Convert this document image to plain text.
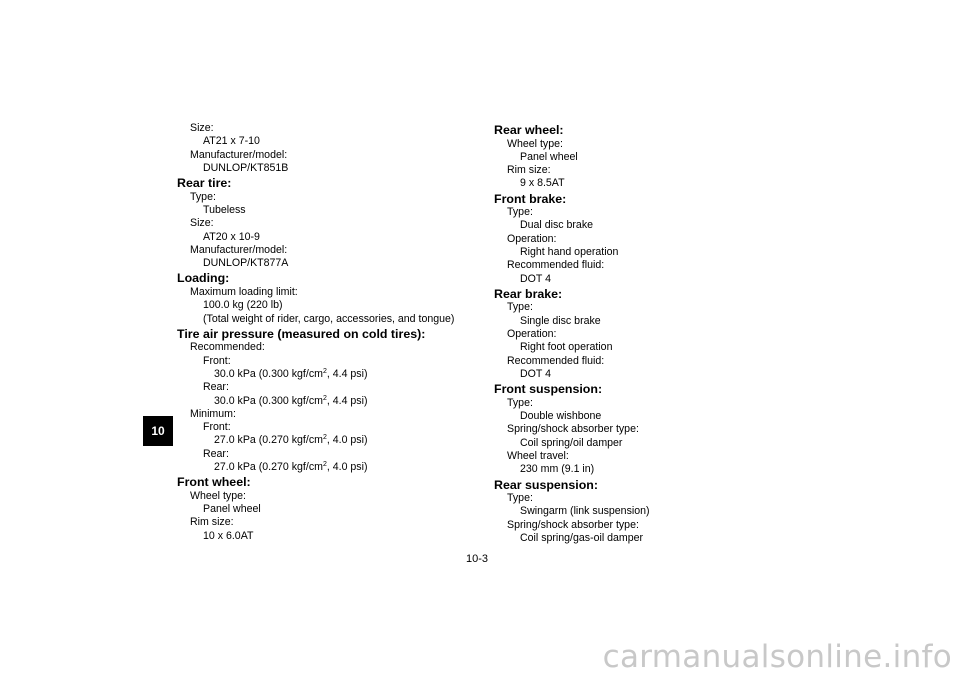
10
Size:
AT21 x 7-10
Manufacturer/model:
DUNLOP/KT851B
Rear tire:
Type:
Tubeless
Size:
AT20 x 10-9
Manufacturer/model:
DUNLOP/KT877A
Loading:
Maximum loading limit:
100.0 kg (220 lb)
(Total weight of rider, cargo, accessories, and tongue)
Tire air pressure (measured on cold tires):
Recommended:
Front:
30.0 kPa (0.300 kgf/$cm^2$, 4.4 psi)
Rear:
30.0 kPa (0.300 kgf/$cm^2$, 4.4 psi)
Minimum:
Front:
27.0 kPa (0.270 kgf/$cm^2$, 4.0 psi)
Rear:
27.0 kPa (0.270 kgf/$cm^2$, 4.0 psi)
Front wheel:
Wheel type:
Panel wheel
Rim size:
10 x 6.0AT
Rear wheel:
Wheel type:
Panel wheel
Rim size:
9 x 8.5AT
Front brake:
Type:
Dual disc brake
Operation:
Right hand operation
Recommended fluid:
DOT 4
Rear brake:
Type:
Single disc brake
Operation:
Right foot operation
Recommended fluid:
DOT 4
Front suspension:
Type:
Double wishbone
Spring/shock absorber type:
Coil spring/oil damper
Wheel travel:
230 mm (9.1 in)
Rear suspension:
Type:
Swingarm (link suspension)
Spring/shock absorber type:
Coil spring/gas-oil damper
10-3
carmanualsonline.info
